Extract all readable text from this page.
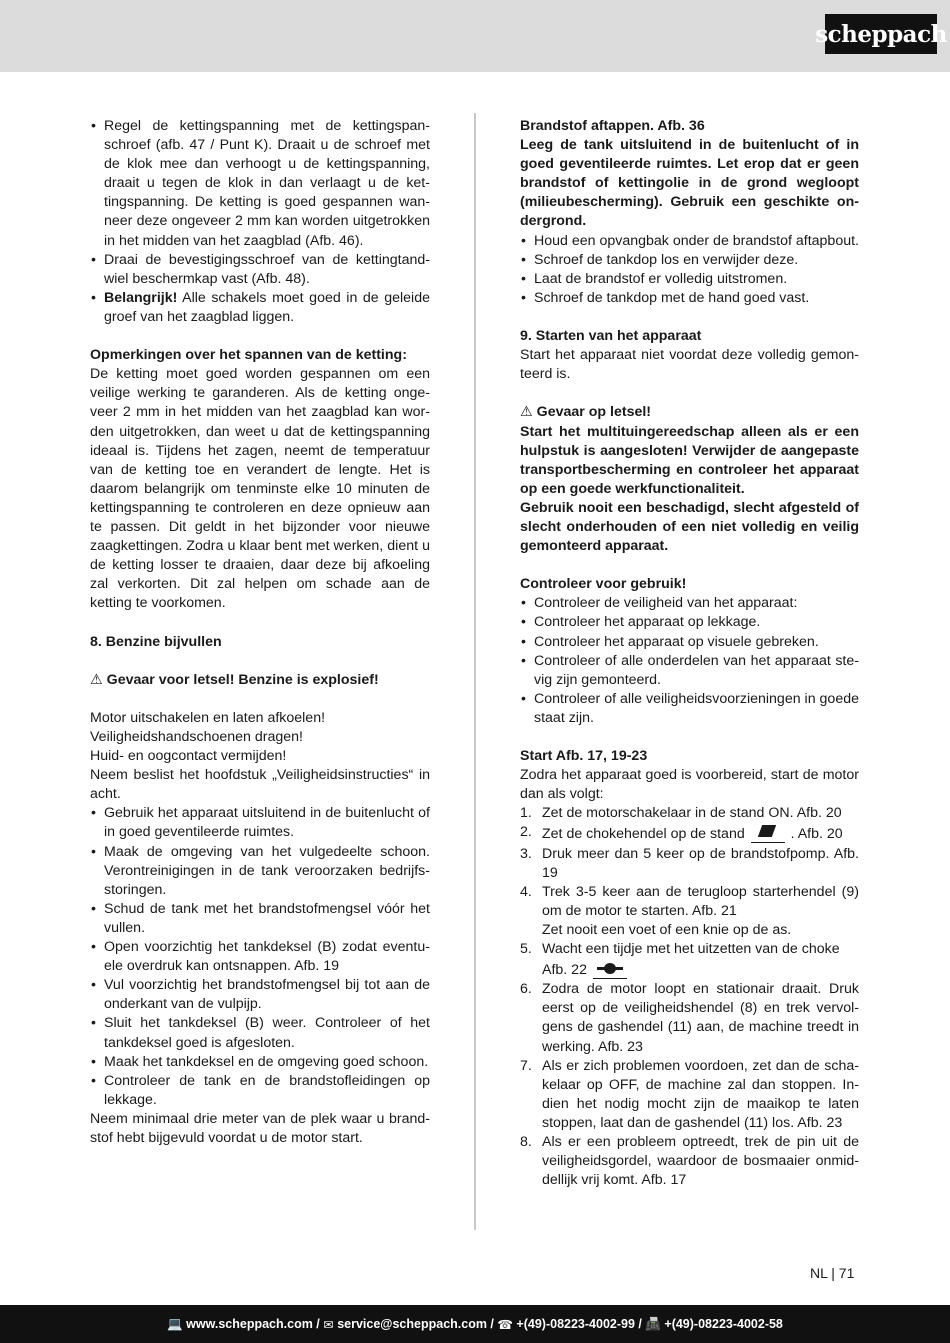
scheppach
• Regel de kettingspanning met de kettingspanschroef (afb. 47 / Punt K). Draait u de schroef met de klok mee dan verhoogt u de kettingspanning, draait u tegen de klok in dan verlaagt u de kettingspanning. De ketting is goed gespannen wanneer deze ongeveer 2 mm kan worden uitgetrokken in het midden van het zaagblad (Afb. 46).
• Draai de bevestigingsschroef van de kettingtandwiel beschermkap vast (Afb. 48).
• Belangrijk! Alle schakels moet goed in de geleide groef van het zaagblad liggen.

Opmerkingen over het spannen van de ketting:

De ketting moet goed worden gespannen om een veilige werking te garanderen. Als de ketting ongeveer 2 mm in het midden van het zaagblad kan worden uitgetrokken, dan weet u dat de kettingspanning ideaal is. Tijdens het zagen, neemt de temperatuur van de ketting toe en verandert de lengte. Het is daarom belangrijk om tenminste elke 10 minuten de kettingspanning te controleren en deze opnieuw aan te passen. Dit geldt in het bijzonder voor nieuwe zaagkettingen. Zodra u klaar bent met werken, dient u de ketting losser te draaien, daar deze bij afkoeling zal verkorten. Dit zal helpen om schade aan de ketting te voorkomen.

8. Benzine bijvullen

⚠ Gevaar voor letsel! Benzine is explosief!

Motor uitschakelen en laten afkoelen!

Veiligheidshandschoenen dragen!

Huid- en oogcontact vermijden!

Neem beslist het hoofdstuk „Veiligheidsinstructies“ in acht.

• Gebruik het apparaat uitsluitend in de buitenlucht of in goed geventileerde ruimtes.
• Maak de omgeving van het vulgedeelte schoon. Verontreinigingen in de tank veroorzaken bedrijfsstoringen.
• Schud de tank met het brandstofmengsel vóór het vullen.
• Open voorzichtig het tankdeksel (B) zodat eventuele overdruk kan ontsnappen. Afb. 19
• Vul voorzichtig het brandstofmengsel bij tot aan de onderkant van de vulpijp.
• Sluit het tankdeksel (B) weer. Controleer of het tankdeksel goed is afgesloten.
• Maak het tankdeksel en de omgeving goed schoon.
• Controleer de tank en de brandstofleidingen op lekkage.

Neem minimaal drie meter van de plek waar u brandstof hebt bijgevuld voordat u de motor start.

Brandstof aftappen. Afb. 36

Leeg de tank uitsluitend in de buitenlucht of in goed geventileerde ruimtes. Let erop dat er geen brandstof of kettingolie in de grond wegloopt (milieubescherming). Gebruik een geschikte ondergrond.

• Houd een opvangbak onder de brandstof aftapbout.
• Schroef de tankdop los en verwijder deze.
• Laat de brandstof er volledig uitstromen.
• Schroef de tankdop met de hand goed vast.

9. Starten van het apparaat

Start het apparaat niet voordat deze volledig gemonteerd is.

⚠ Gevaar op letsel!

Start het multituingereedschap alleen als er een hulpstuk is aangesloten! Verwijder de aangepaste transportbescherming en controleer het apparaat op een goede werkfunctionaliteit.

Gebruik nooit een beschadigd, slecht afgesteld of slecht onderhouden of een niet volledig en veilig gemonteerd apparaat.

Controleer voor gebruik!

• Controleer de veiligheid van het apparaat:
• Controleer het apparaat op lekkage.
• Controleer het apparaat op visuele gebreken.
• Controleer of alle onderdelen van het apparaat stevig zijn gemonteerd.
• Controleer of alle veiligheidsvoorzieningen in goede staat zijn.

Start Afb. 17, 19-23

Zodra het apparaat goed is voorbereid, start de motor dan als volgt:

1. Zet de motorschakelaar in de stand ON. Afb. 20
2. Zet de chokehendel op de stand	. Afb. 20
3. Druk meer dan 5 keer op de brandstofpomp. Afb. 19
4. Trek 3-5 keer aan de terugloop starterhendel (9) om de motor te starten. Afb. 21
Zet nooit een voet of een knie op de as.
5. Wacht een tijdje met het uitzetten van de choke
Afb. 22
6. Zodra de motor loopt en stationair draait. Druk eerst op de veiligheidshendel (8) en trek vervolgens de gashendel (11) aan, de machine treedt in werking. Afb. 23
7. Als er zich problemen voordoen, zet dan de schakelaar op OFF, de machine zal dan stoppen. Indien het nodig mocht zijn de maaikop te laten stoppen, laat dan de gashendel (11) los. Afb. 23
8. Als er een probleem optreedt, trek de pin uit de veiligheidsgordel, waardoor de bosmaaier onmiddellijk vrij komt. Afb. 17
NL | 71
💻 www.scheppach.com / ✉ service@scheppach.com / ☎ +(49)-08223-4002-99 / 📠 +(49)-08223-4002-58
